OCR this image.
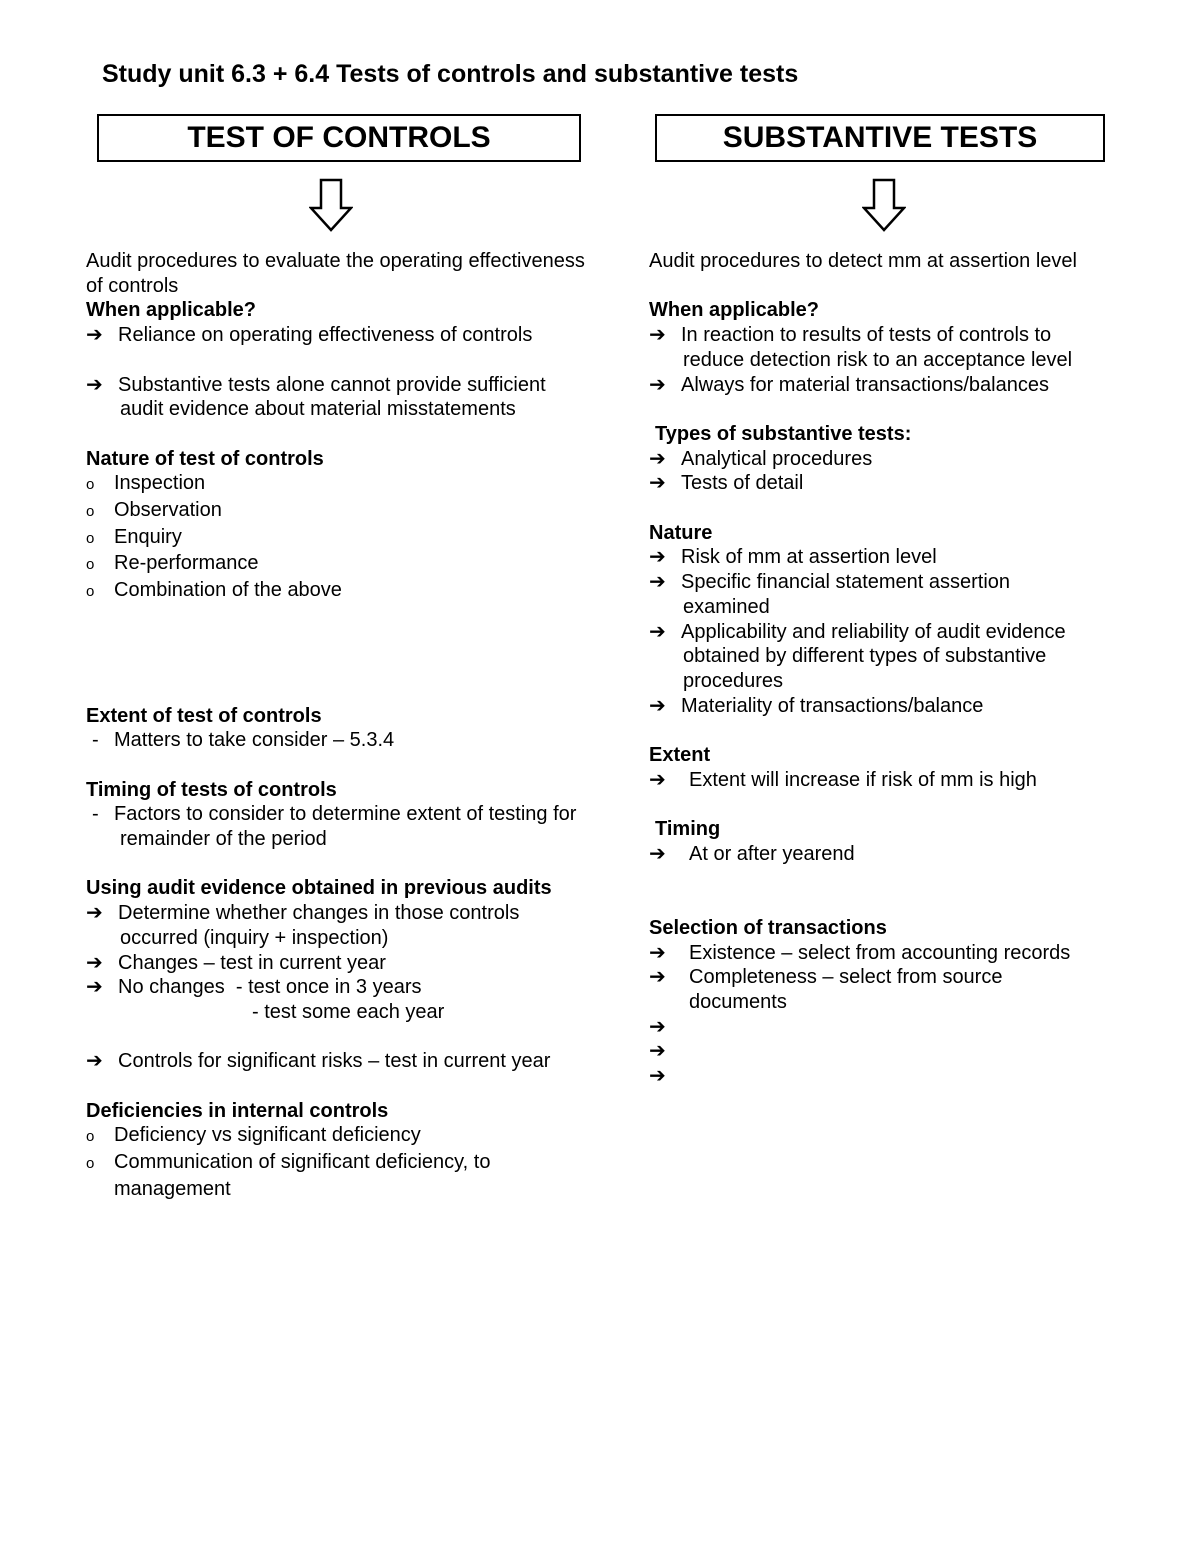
Study unit 6.3 + 6.4 Tests of controls and substantive tests
TEST OF CONTROLS	SUBSTANTIVE TESTS
Audit procedures to evaluate the operating effectiveness
of controls
When applicable?
➔ Reliance on operating effectiveness of controls
➔ Substantive tests alone cannot provide sufficient
audit evidence about material misstatements
Nature of test of controls
o Inspection
o Observation
o Enquiry
o Re-performance
o Combination of the above
Extent of test of controls
- Matters to take consider – 5.3.4
Timing of tests of controls
- Factors to consider to determine extent of testing for
remainder of the period
Using audit evidence obtained in previous audits
➔ Determine whether changes in those controls
occurred (inquiry + inspection)
➔ Changes – test in current year
➔ No changes  - test once in 3 years
- test some each year
➔ Controls for significant risks – test in current year
Deficiencies in internal controls
o Deficiency vs significant deficiency
o Communication of significant deficiency, to
management
Audit procedures to detect mm at assertion level
When applicable?
➔ In reaction to results of tests of controls to
reduce detection risk to an acceptance level
➔ Always for material transactions/balances
Types of substantive tests:
➔ Analytical procedures
➔ Tests of detail
Nature
➔ Risk of mm at assertion level
➔ Specific financial statement assertion
examined
➔ Applicability and reliability of audit evidence
obtained by different types of substantive
procedures
➔ Materiality of transactions/balance
Extent
➔ Extent will increase if risk of mm is high
Timing
➔ At or after yearend
Selection of transactions
➔ Existence – select from accounting records
➔ Completeness – select from source
documents
➔
➔
➔
